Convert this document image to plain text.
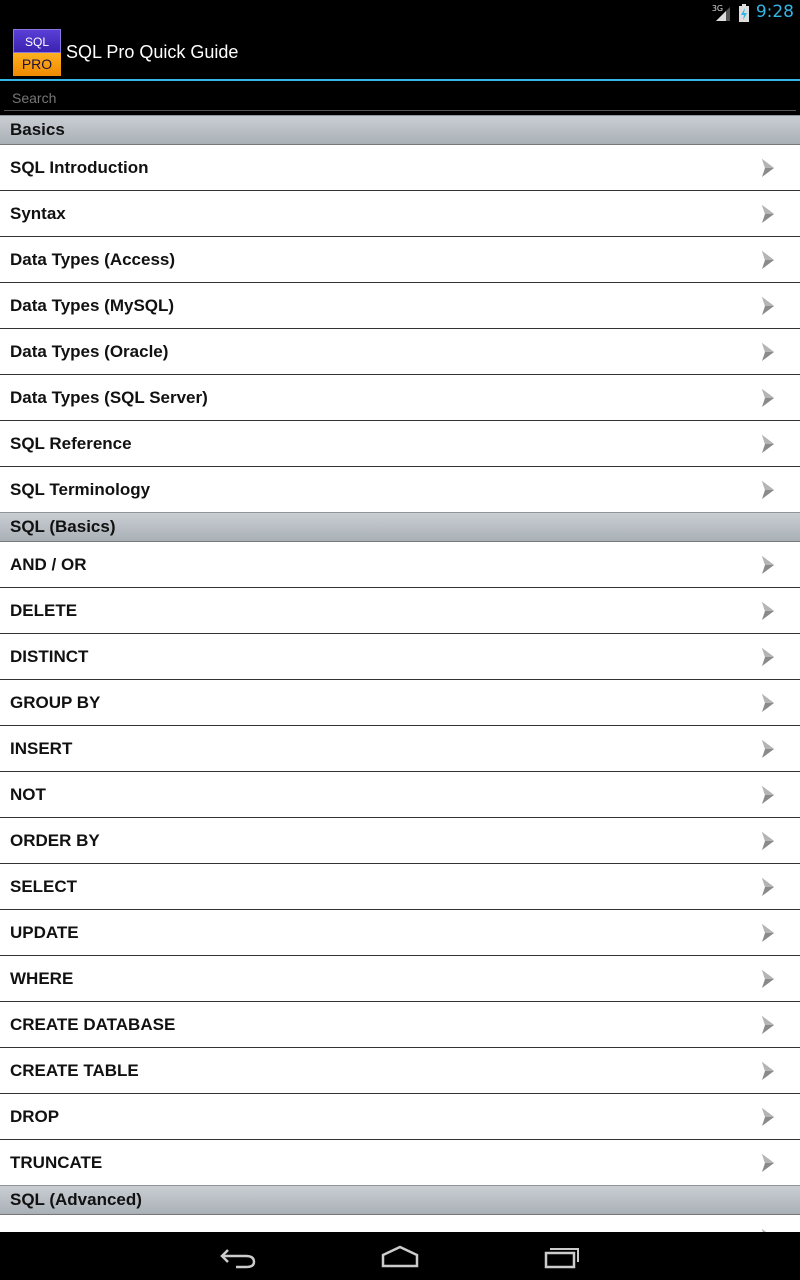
3G 9:28
SQL
PRO
SQL Pro Quick Guide
Search
Basics
SQL Introduction
Syntax
Data Types (Access)
Data Types (MySQL)
Data Types (Oracle)
Data Types (SQL Server)
SQL Reference
SQL Terminology
SQL (Basics)
AND / OR
DELETE
DISTINCT
GROUP BY
INSERT
NOT
ORDER BY
SELECT
UPDATE
WHERE
CREATE DATABASE
CREATE TABLE
DROP
TRUNCATE
SQL (Advanced)
